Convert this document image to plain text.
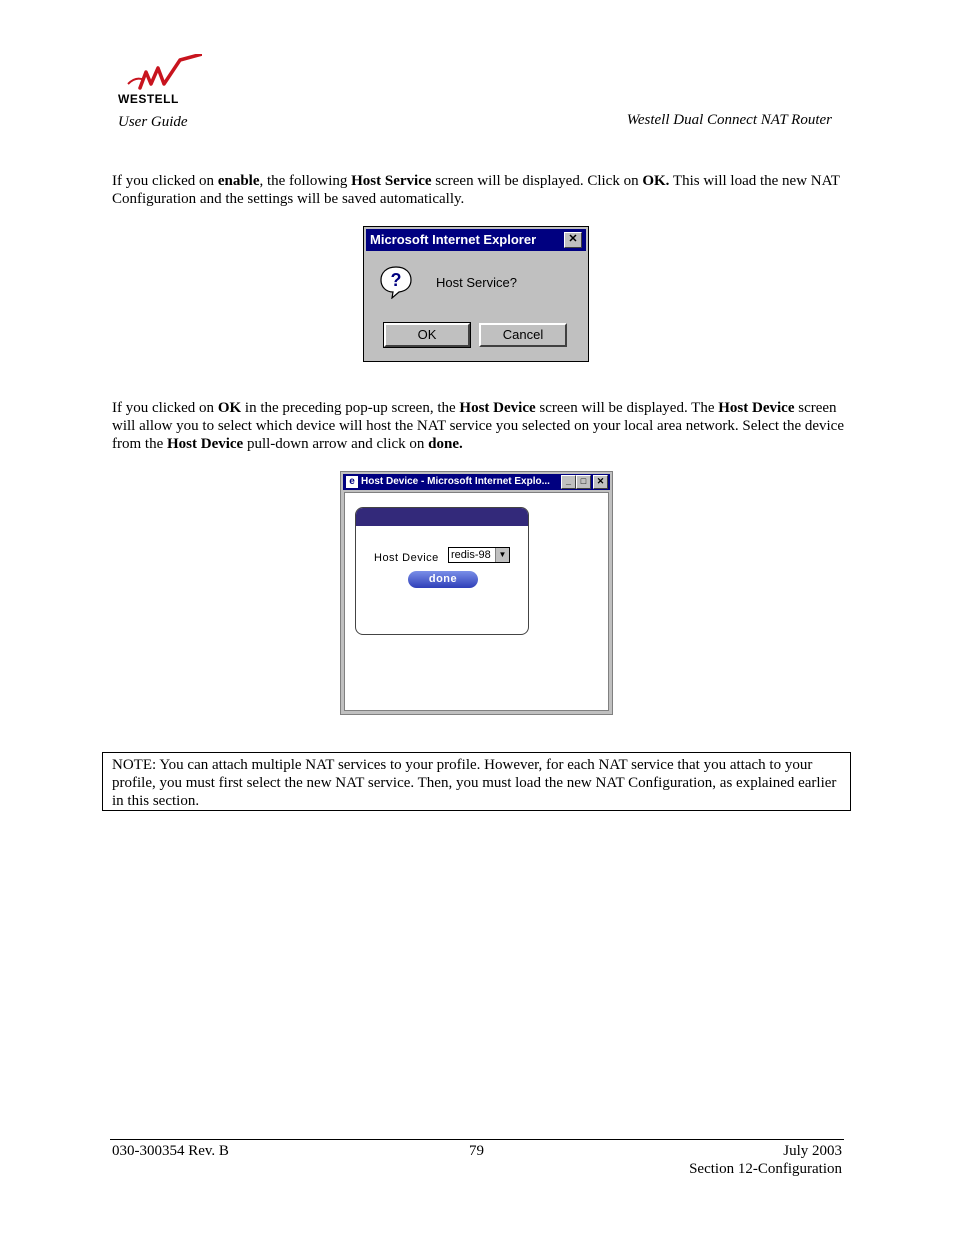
WESTELL
User Guide	Westell Dual Connect NAT Router
If you clicked on enable, the following Host Service screen will be displayed. Click on OK. This will load the new NAT Configuration and the settings will be saved automatically.
Microsoft Internet Explorer	✕
?	Host Service?
OK	Cancel
If you clicked on OK in the preceding pop-up screen, the Host Device screen will be displayed. The Host Device screen will allow you to select which device will host the NAT service you selected on your local area network. Select the device from the Host Device pull-down arrow and click on done.
e Host Device - Microsoft Internet Explo...	_	□	✕
Host Device redis-98 ▼
done
NOTE: You can attach multiple NAT services to your profile. However, for each NAT service that you attach to your profile, you must first select the new NAT service. Then, you must load the new NAT Configuration, as explained earlier in this section.
030-300354 Rev. B	79	July 2003
Section 12-Configuration
